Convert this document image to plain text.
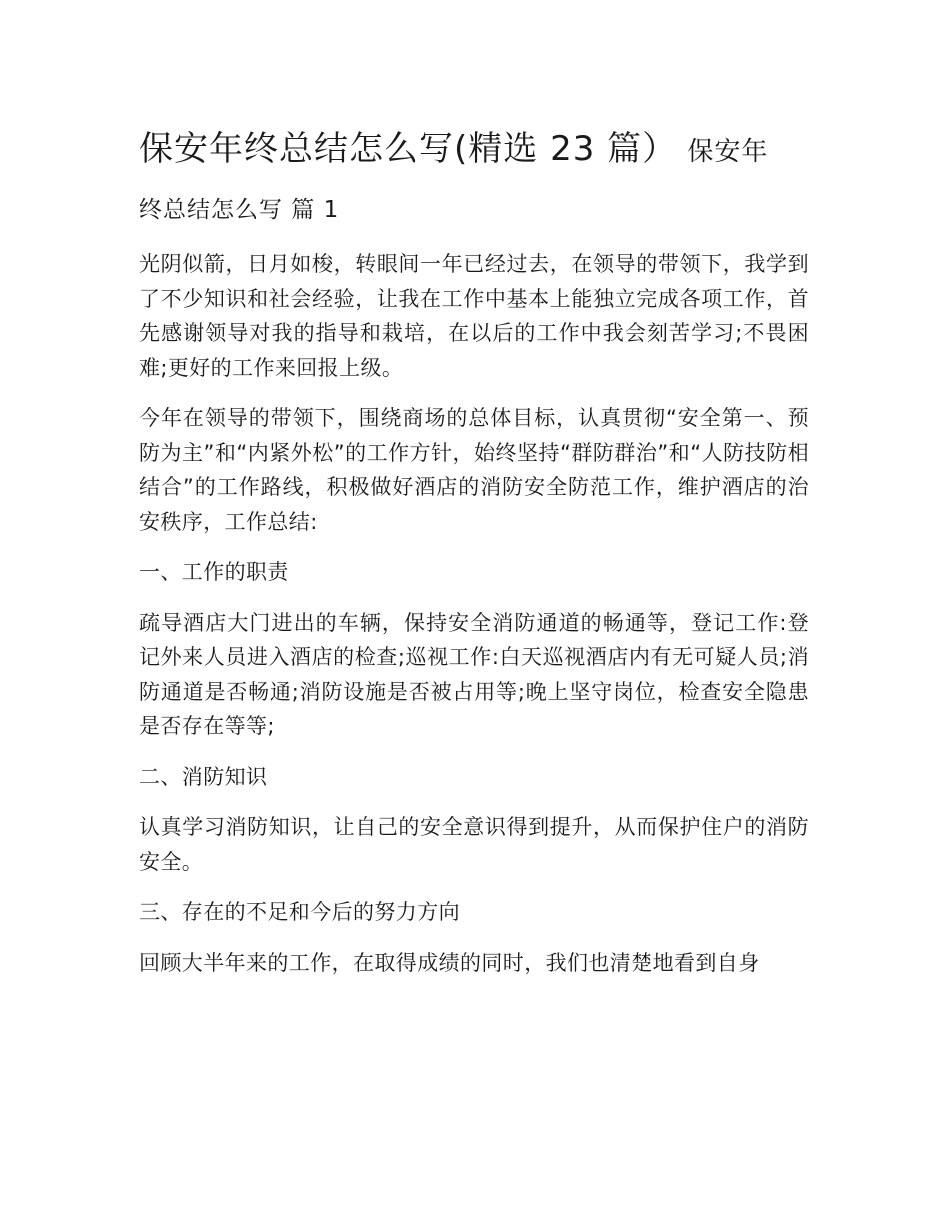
保安年终总结怎么写(精选 23 篇） 保安年
终总结怎么写 篇 1

光阴似箭，日月如梭，转眼间一年已经过去，在领导的带领下，我学到了不少知识和社会经验，让我在工作中基本上能独立完成各项工作，首先感谢领导对我的指导和栽培，在以后的工作中我会刻苦学习;不畏困难;更好的工作来回报上级。

今年在领导的带领下，围绕商场的总体目标，认真贯彻“安全第一、预防为主”和“内紧外松”的工作方针，始终坚持“群防群治”和“人防技防相结合”的工作路线，积极做好酒店的消防安全防范工作，维护酒店的治安秩序，工作总结:

一、工作的职责

疏导酒店大门进出的车辆，保持安全消防通道的畅通等，登记工作:登记外来人员进入酒店的检查;巡视工作:白天巡视酒店内有无可疑人员;消防通道是否畅通;消防设施是否被占用等;晚上坚守岗位，检查安全隐患是否存在等等;

二、消防知识

认真学习消防知识，让自己的安全意识得到提升，从而保护住户的消防安全。

三、存在的不足和今后的努力方向

回顾大半年来的工作，在取得成绩的同时，我们也清楚地看到自身
